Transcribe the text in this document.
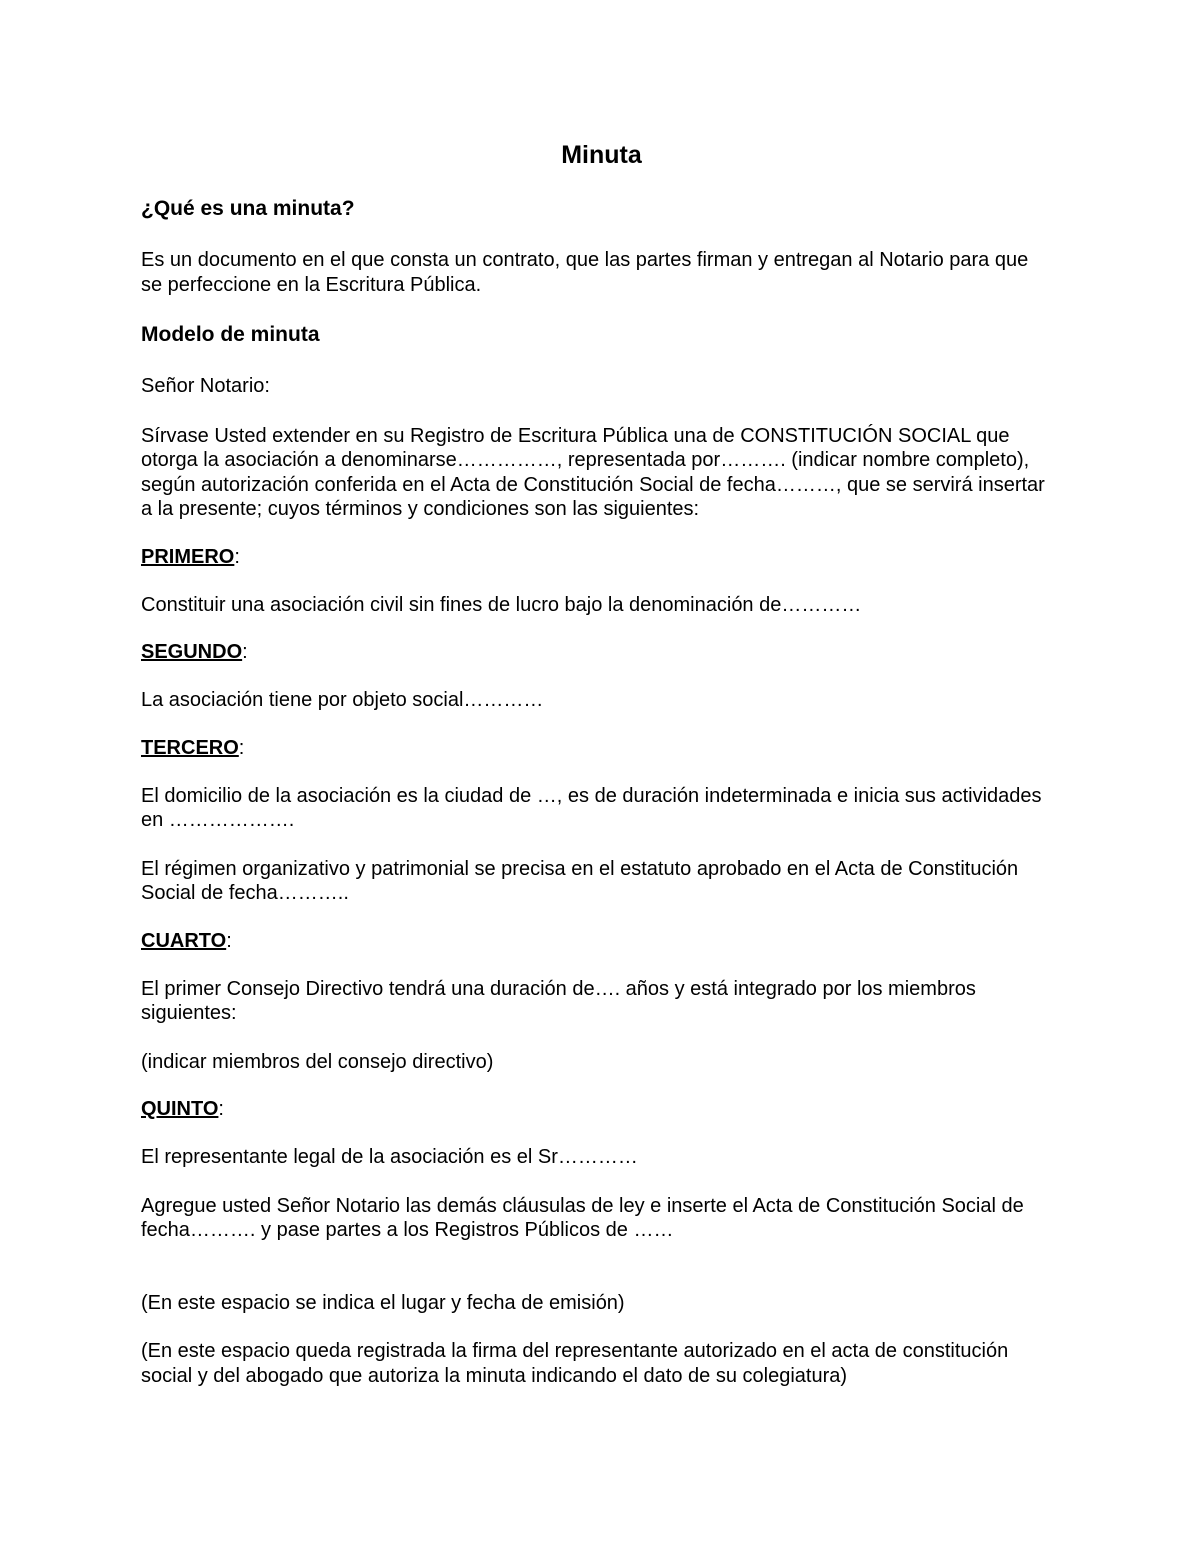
Minuta
¿Qué es una minuta?

Es un documento en el que consta un contrato, que las partes firman y entregan al Notario para que se perfeccione en la Escritura Pública.

Modelo de minuta

Señor Notario:

Sírvase Usted extender en su Registro de Escritura Pública una de CONSTITUCIÓN SOCIAL que otorga la asociación a denominarse……………, representada por………. (indicar nombre completo), según autorización conferida en el Acta de Constitución Social de fecha………, que se servirá insertar a la presente; cuyos términos y condiciones son las siguientes:

PRIMERO:

Constituir una asociación civil sin fines de lucro bajo la denominación de…………

SEGUNDO:

La asociación tiene por objeto social…………

TERCERO:

El domicilio de la asociación es la ciudad de …, es de duración indeterminada e inicia sus actividades en ……………….

El régimen organizativo y patrimonial se precisa en el estatuto aprobado en el Acta de Constitución Social de fecha………..

CUARTO:

El primer Consejo Directivo tendrá una duración de…. años y está integrado por los miembros siguientes:

(indicar miembros del consejo directivo)

QUINTO:

El representante legal de la asociación es el Sr…………

Agregue usted Señor Notario las demás cláusulas de ley e inserte el Acta de Constitución Social de fecha………. y pase partes a los Registros Públicos de ……

(En este espacio se indica el lugar y fecha de emisión)

(En este espacio queda registrada la firma del representante autorizado en el acta de constitución social y del abogado que autoriza la minuta indicando el dato de su colegiatura)
